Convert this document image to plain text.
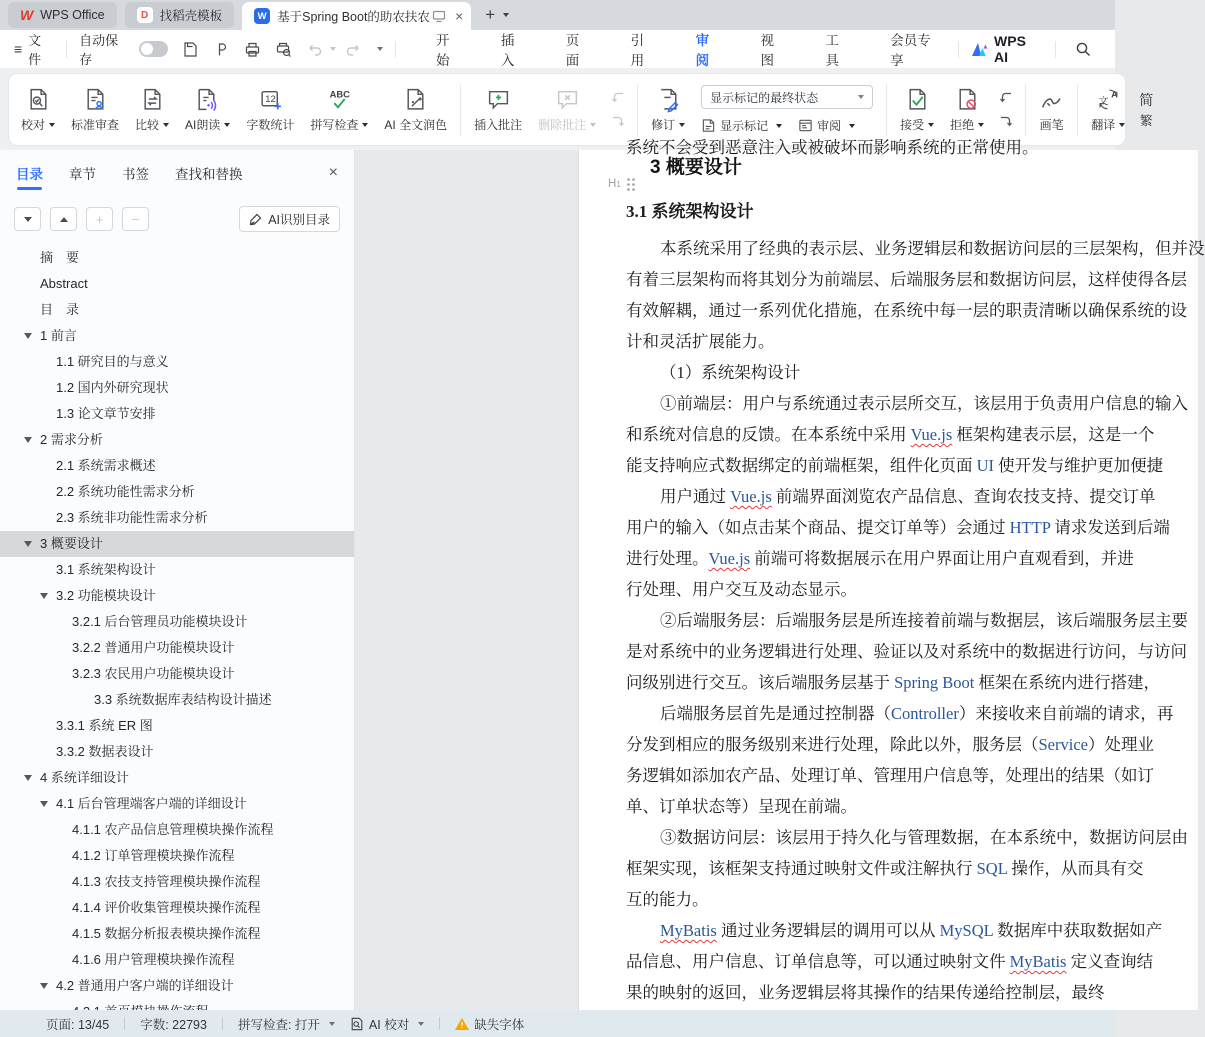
W WPS Office	D 找稻壳模板	W 基于Spring Boot的助农扶农 × +
≡
文件
自动保存
开始
插入
页面
引用
审阅
视图
工具
会员专享
WPS AI
校对	标准审查 比较	AI朗读
12
字数统计
ABC
拼写检查	AI 全文润色 插入批注 删除批注	修订
显示标记的最终状态
显示标记	审阅	接受	拒绝	画笔
文
A
翻译
简
繁
目录 章节 书签 查找和替换	×
+	−	AI识别目录
摘　要
Abstract
目　录
1 前言
1.1 研究目的与意义
1.2 国内外研究现状
1.3 论文章节安排
2 需求分析
2.1 系统需求概述
2.2 系统功能性需求分析
2.3 系统非功能性需求分析
3 概要设计
3.1 系统架构设计
3.2 功能模块设计
3.2.1 后台管理员功能模块设计
3.2.2 普通用户功能模块设计
3.2.3 农民用户功能模块设计
3.3 系统数据库表结构设计描述
3.3.1 系统 ER 图
3.3.2 数据表设计
4 系统详细设计
4.1 后台管理端客户端的详细设计
4.1.1 农产品信息管理模块操作流程
4.1.2 订单管理模块操作流程
4.1.3 农技支持管理模块操作流程
4.1.4 评价收集管理模块操作流程
4.1.5 数据分析报表模块操作流程
4.1.6 用户管理模块操作流程
4.2 普通用户客户端的详细设计
系统不会受到恶意注入或被破坏而影响系统的正常使用。
H1
3 概要设计
3.1 系统架构设计
本系统采用了经典的表示层、业务逻辑层和数据访问层的三层架构，但并没
有着三层架构而将其划分为前端层、后端服务层和数据访问层，这样使得各层
有效解耦，通过一系列优化措施，在系统中每一层的职责清晰以确保系统的设
计和灵活扩展能力。
（1）系统架构设计
①前端层：用户与系统通过表示层所交互，该层用于负责用户信息的输入
和系统对信息的反馈。在本系统中采用 Vue.js 框架构建表示层，这是一个
能支持响应式数据绑定的前端框架，组件化页面 UI 使开发与维护更加便捷
用户通过 Vue.js 前端界面浏览农产品信息、查询农技支持、提交订单
用户的输入（如点击某个商品、提交订单等）会通过 HTTP 请求发送到后端
进行处理。Vue.js 前端可将数据展示在用户界面让用户直观看到，并进
行处理、用户交互及动态显示。
②后端服务层：后端服务层是所连接着前端与数据层，该后端服务层主要
是对系统中的业务逻辑进行处理、验证以及对系统中的数据进行访问，与访问
问级别进行交互。该后端服务层基于 Spring Boot 框架在系统内进行搭建，
后端服务层首先是通过控制器（Controller）来接收来自前端的请求，再
分发到相应的服务级别来进行处理，除此以外，服务层（Service）处理业
务逻辑如添加农产品、处理订单、管理用户信息等，处理出的结果（如订
单、订单状态等）呈现在前端。
③数据访问层：该层用于持久化与管理数据，在本系统中，数据访问层由
框架实现，该框架支持通过映射文件或注解执行 SQL 操作，从而具有交
互的能力。
MyBatis 通过业务逻辑层的调用可以从 MySQL 数据库中获取数据如产
品信息、用户信息、订单信息等，可以通过映射文件 MyBatis 定义查询结
果的映射的返回，业务逻辑层将其操作的结果传递给控制层，最终
页面: 13/45 字数: 22793 拼写检查: 打开	AI 校对	! 缺失字体
